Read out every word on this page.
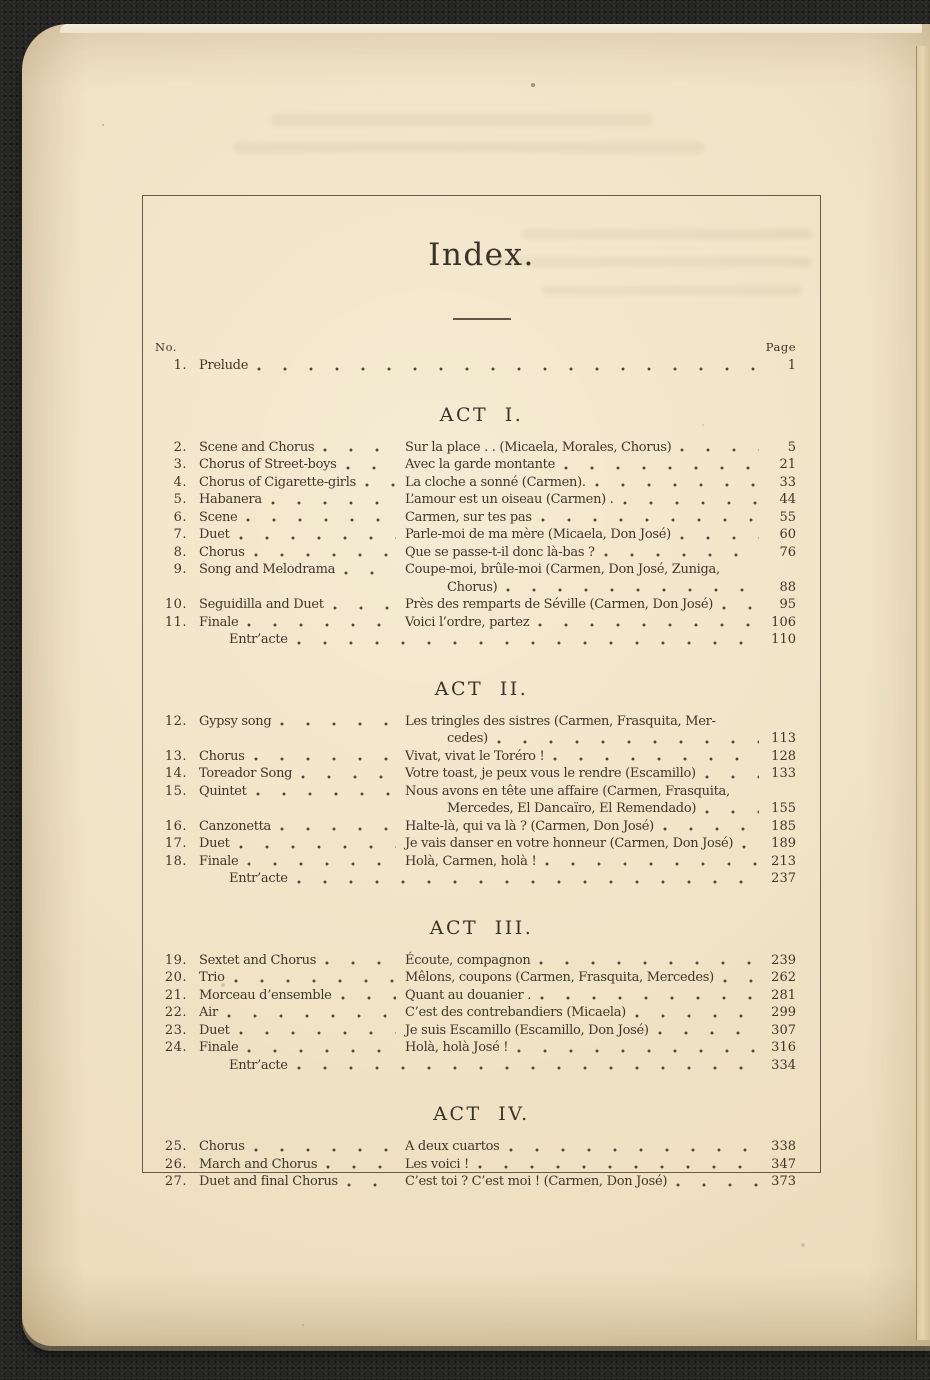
Index.
No.	Page
1. Prelude	1
ACT I.
2. Scene and Chorus	Sur la place . . (Micaela, Morales, Chorus)	5
3. Chorus of Street-boys	Avec la garde montante	21
4. Chorus of Cigarette-girls	La cloche a sonné (Carmen).	33
5. Habanera	L’amour est un oiseau (Carmen) .	44
6. Scene	Carmen, sur tes pas	55
7. Duet	Parle-moi de ma mère (Micaela, Don José)	60
8. Chorus	Que se passe-t-il donc là-bas ?	76
9. Song and Melodrama	Coupe-moi, brûle-moi (Carmen, Don José, Zuniga,
Chorus)	88
10. Seguidilla and Duet	Près des remparts de Séville (Carmen, Don José)	95
11. Finale	Voici l’ordre, partez	106
Entr’acte	110
ACT II.
12. Gypsy song	Les tringles des sistres (Carmen, Frasquita, Mer-
cedes)	113
13. Chorus	Vivat, vivat le Toréro !	128
14. Toreador Song	Votre toast, je peux vous le rendre (Escamillo)	133
15. Quintet	Nous avons en tête une affaire (Carmen, Frasquita,
Mercedes, El Dancaïro, El Remendado)	155
16. Canzonetta	Halte-là, qui va là ? (Carmen, Don José)	185
17. Duet	Je vais danser en votre honneur (Carmen, Don José)	189
18. Finale	Holà, Carmen, holà !	213
Entr’acte	237
ACT III.
19. Sextet and Chorus	Écoute, compagnon	239
20. Trio	Mêlons, coupons (Carmen, Frasquita, Mercedes)	262
21. Morceau d’ensemble	Quant au douanier .	281
22. Air	C’est des contrebandiers (Micaela)	299
23. Duet	Je suis Escamillo (Escamillo, Don José)	307
24. Finale	Holà, holà José !	316
Entr’acte	334
ACT IV.
25. Chorus	A deux cuartos	338
26. March and Chorus	Les voici !	347
27. Duet and final Chorus	C’est toi ? C’est moi ! (Carmen, Don José)	373
